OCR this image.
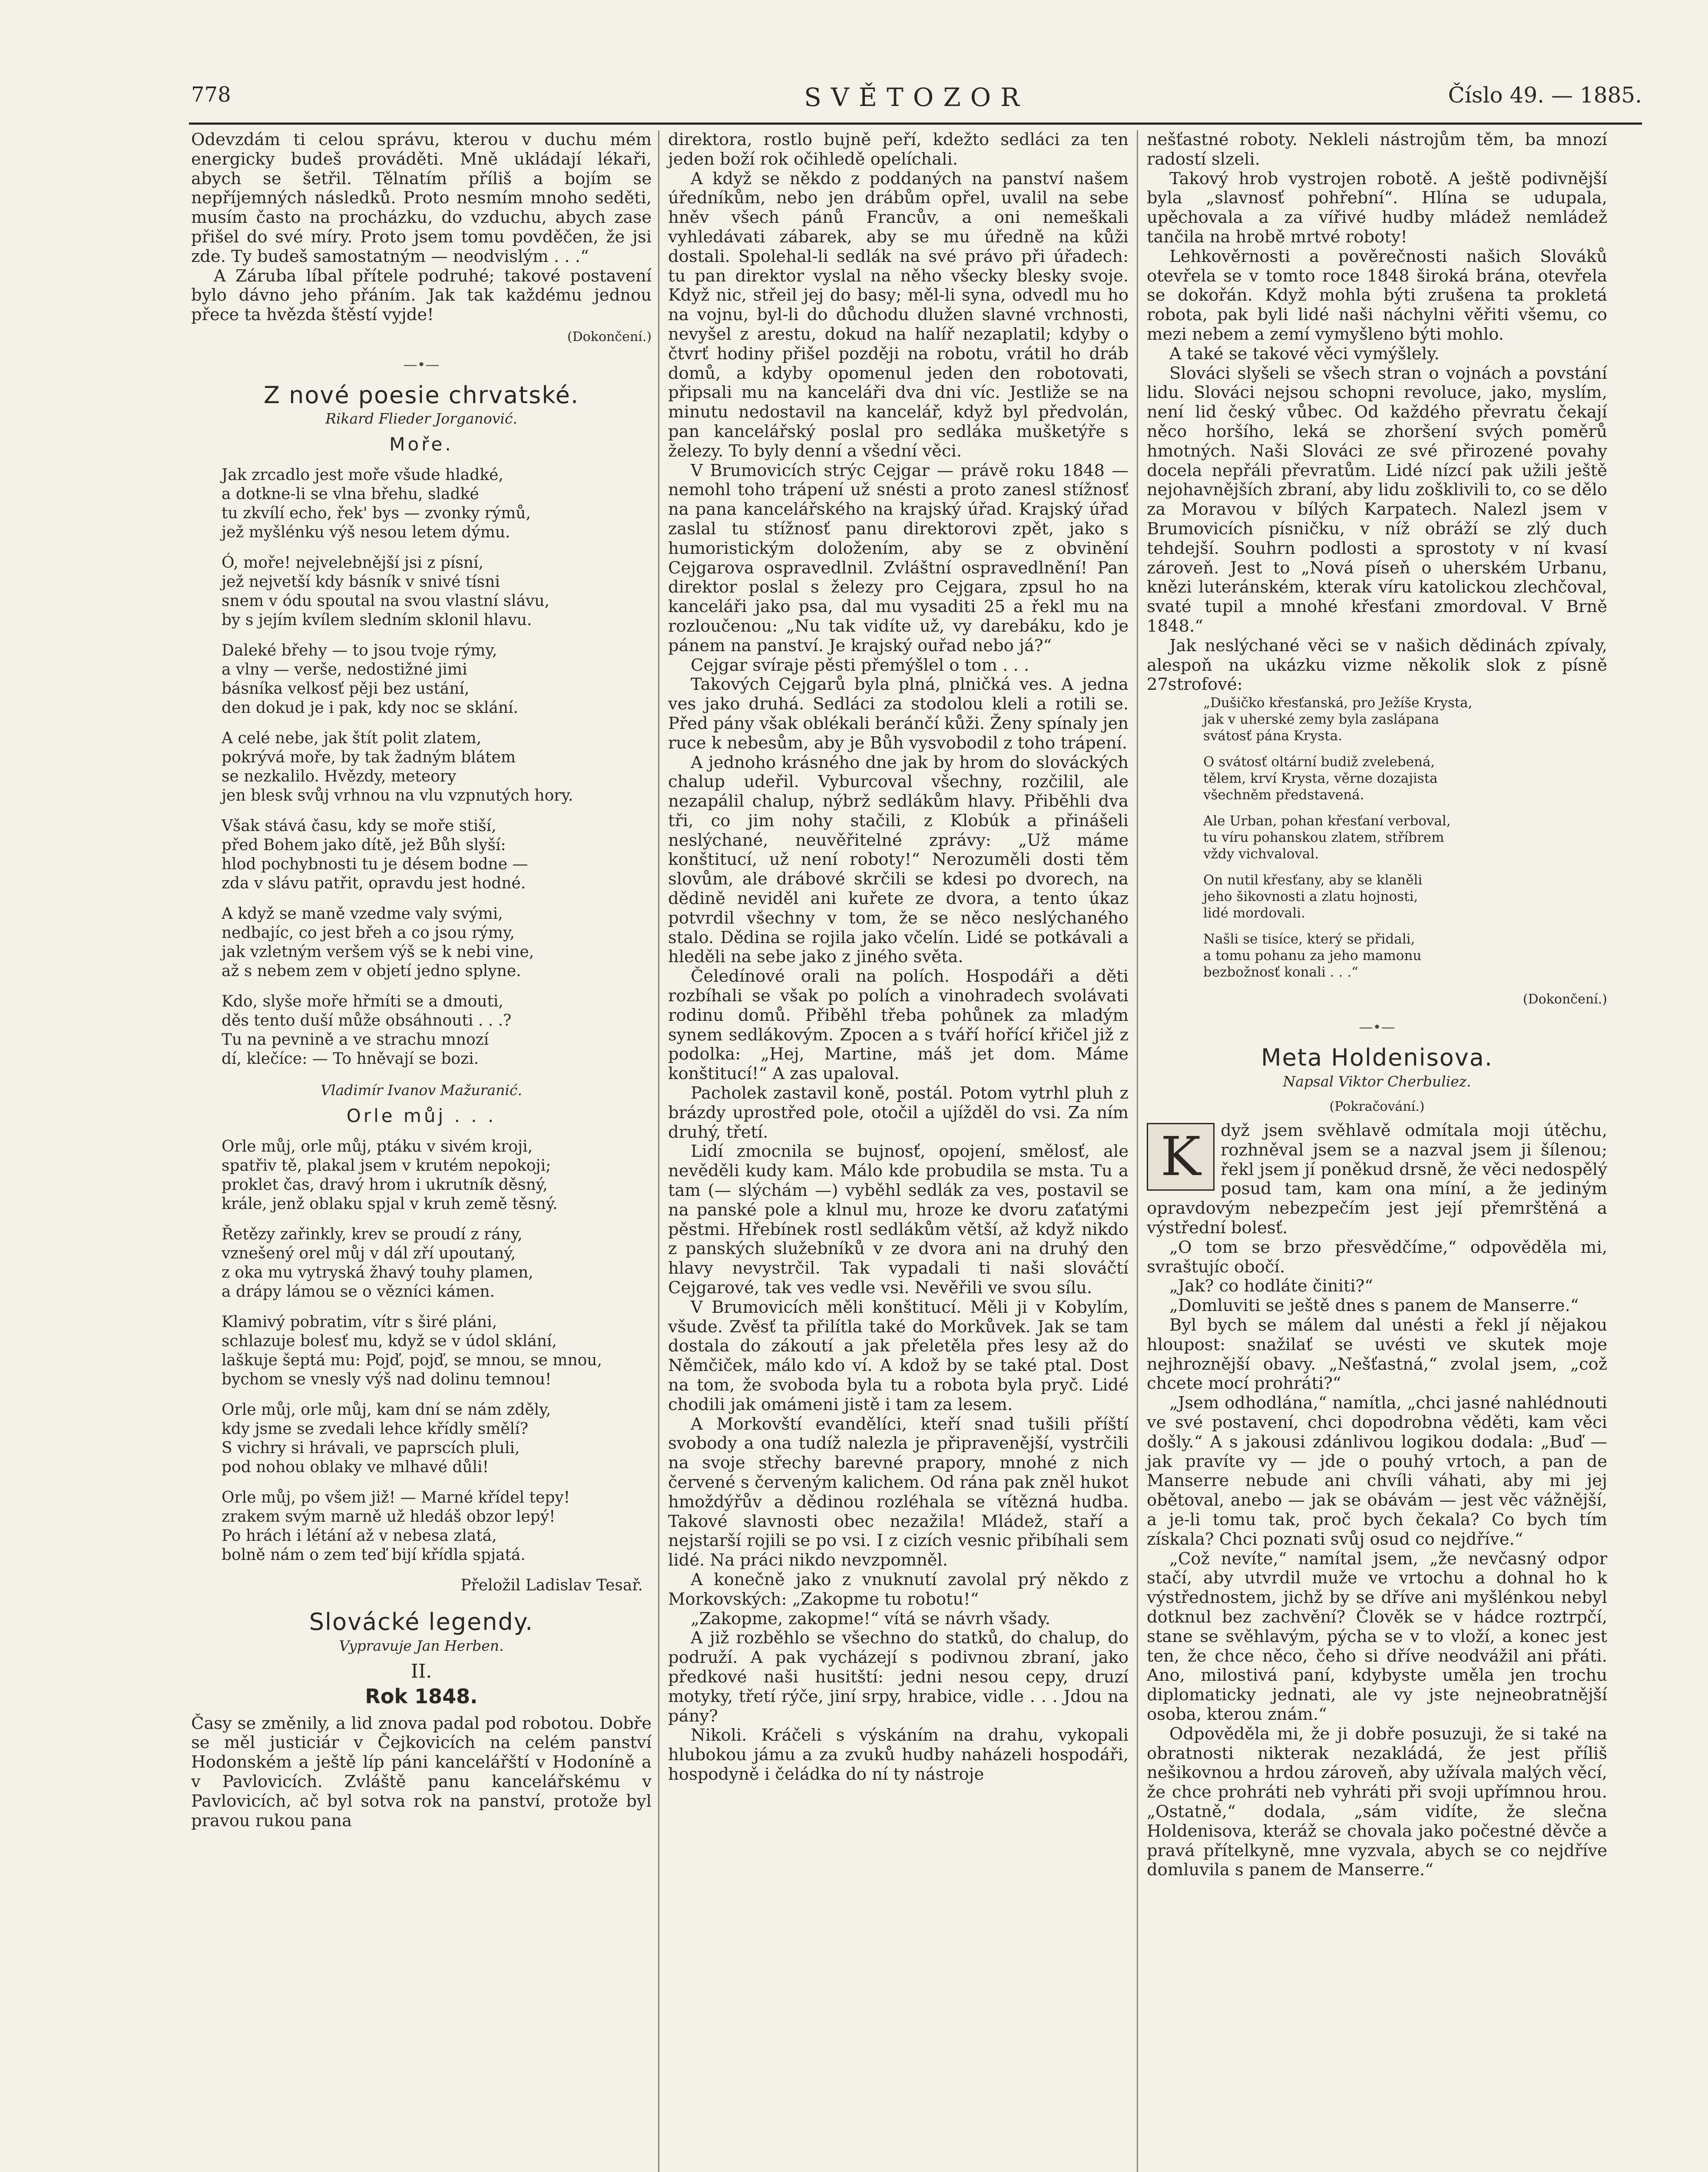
778	SVĚTOZOR	Číslo 49. — 1885.

Odevzdám ti celou správu, kterou v duchu mém energicky budeš prováděti. Mně ukládají lékaři, abych se šetřil. Tělnatím příliš a bojím se nepříjemných následků. Proto nesmím mnoho seděti, musím často na procházku, do vzduchu, abych zase přišel do své míry. Proto jsem tomu povděčen, že jsi zde. Ty budeš samostatným — neodvislým . . .“

A Záruba líbal přítele podruhé; takové postavení bylo dávno jeho přáním. Jak tak každému jednou přece ta hvězda štěstí vyjde!

(Dokončení.)
—•—
Z nové poesie chrvatské.
Rikard Flieder Jorganović.
Moře.
Jak zrcadlo jest moře všude hladké,
a dotkne-li se vlna břehu, sladké
tu zkvílí echo, řek' bys — zvonky rýmů,
jež myšlénku výš nesou letem dýmu.
Ó, moře! nejvelebnější jsi z písní,
jež nejvetší kdy básník v snivé tísni
snem v ódu spoutal na svou vlastní slávu,
by s jejím kvílem sledním sklonil hlavu.
Daleké břehy — to jsou tvoje rýmy,
a vlny — verše, nedostižné jimi
básníka velkosť pěji bez ustání,
den dokud je i pak, kdy noc se sklání.
A celé nebe, jak štít polit zlatem,
pokrývá moře, by tak žadným blátem
se nezkalilo. Hvězdy, meteory
jen blesk svůj vrhnou na vlu vzpnutých hory.
Však stává času, kdy se moře stiší,
před Bohem jako dítě, jež Bůh slyší:
hlod pochybnosti tu je désem bodne —
zda v slávu patřit, opravdu jest hodné.
A když se maně vzedme valy svými,
nedbajíc, co jest břeh a co jsou rýmy,
jak vzletným veršem výš se k nebi vine,
až s nebem zem v objetí jedno splyne.
Kdo, slyše moře hřmíti se a dmouti,
děs tento duší může obsáhnouti . . .?
Tu na pevnině a ve strachu mnozí
dí, klečíce: — To hněvají se bozi.
Vladimír Ivanov Mažuranić.
Orle můj . . .
Orle můj, orle můj, ptáku v sivém kroji,
spatřiv tě, plakal jsem v krutém nepokoji;
proklet čas, dravý hrom i ukrutník děsný,
krále, jenž oblaku spjal v kruh země těsný.
Řetězy zařinkly, krev se proudí z rány,
vznešený orel můj v dál zří upoutaný,
z oka mu vytryská žhavý touhy plamen,
a drápy lámou se o vězníci kámen.
Klamivý pobratim, vítr s širé pláni,
schlazuje bolesť mu, když se v údol sklání,
laškuje šeptá mu: Pojď, pojď, se mnou, se mnou,
bychom se vnesly výš nad dolinu temnou!
Orle můj, orle můj, kam dní se nám zděly,
kdy jsme se zvedali lehce křídly smělí?
S vichry si hrávali, ve paprscích pluli,
pod nohou oblaky ve mlhavé důli!
Orle můj, po všem již! — Marné křídel tepy!
zrakem svým marně už hledáš obzor lepý!
Po hrách i létání až v nebesa zlatá,
bolně nám o zem teď bijí křídla spjatá.
Přeložil Ladislav Tesař.
Slovácké legendy.
Vypravuje Jan Herben.
II.
Rok 1848.

Časy se změnily, a lid znova padal pod robotou. Dobře se měl justiciár v Čejkovicích na celém panství Hodonském a ještě líp páni kancelářští v Hodoníně a v Pavlovicích. Zvláště panu kancelářskému v Pavlovicích, ač byl sotva rok na panství, protože byl pravou rukou pana

direktora, rostlo bujně peří, kdežto sedláci za ten jeden boží rok očihledě opelíchali.

A když se někdo z poddaných na panství našem úředníkům, nebo jen drábům opřel, uvalil na sebe hněv všech pánů Francův, a oni nemeškali vyhledávati zábarek, aby se mu úředně na kůži dostali. Spolehal-li sedlák na své právo při úřadech: tu pan direktor vyslal na něho všecky blesky svoje. Když nic, střeil jej do basy; měl-li syna, odvedl mu ho na vojnu, byl-li do důchodu dlužen slavné vrchnosti, nevyšel z arestu, dokud na halíř nezaplatil; kdyby o čtvrť hodiny přišel později na robotu, vrátil ho dráb domů, a kdyby opomenul jeden den robotovati, připsali mu na kanceláři dva dni víc. Jestliže se na minutu nedostavil na kancelář, když byl předvolán, pan kancelářský poslal pro sedláka mušketýře s železy. To byly denní a všední věci.

V Brumovicích strýc Cejgar — právě roku 1848 — nemohl toho trápení už snésti a proto zanesl stížnosť na pana kancelářského na krajský úřad. Krajský úřad zaslal tu stížnosť panu direktorovi zpět, jako s humoristickým doložením, aby se z obvinění Cejgarova ospravedlnil. Zvláštní ospravedlnění! Pan direktor poslal s železy pro Cejgara, zpsul ho na kanceláři jako psa, dal mu vysaditi 25 a řekl mu na rozloučenou: „Nu tak vidíte už, vy darebáku, kdo je pánem na panství. Je krajský ouřad nebo já?“

Cejgar svíraje pěsti přemýšlel o tom . . .

Takových Cejgarů byla plná, plničká ves. A jedna ves jako druhá. Sedláci za stodolou kleli a rotili se. Před pány však oblékali beránčí kůži. Ženy spínaly jen ruce k nebesům, aby je Bůh vysvobodil z toho trápení.

A jednoho krásného dne jak by hrom do slováckých chalup udeřil. Vyburcoval všechny, rozčilil, ale nezapálil chalup, nýbrž sedlákům hlavy. Přiběhli dva tři, co jim nohy stačili, z Klobúk a přinášeli neslýchané, neuvěřitelné zprávy: „Už máme konštitucí, už není roboty!“ Nerozuměli dosti těm slovům, ale drábové skrčili se kdesi po dvorech, na dědině neviděl ani kuřete ze dvora, a tento úkaz potvrdil všechny v tom, že se něco neslýchaného stalo. Dědina se rojila jako včelín. Lidé se potkávali a hleděli na sebe jako z jiného světa.

Čeledínové orali na polích. Hospodáři a děti rozbíhali se však po polích a vinohradech svolávati rodinu domů. Přiběhl třeba pohůnek za mladým synem sedlákovým. Zpocen a s tváří hořící křičel již z podolka: „Hej, Martine, máš jet dom. Máme konštitucí!“ A zas upaloval.

Pacholek zastavil koně, postál. Potom vytrhl pluh z brázdy uprostřed pole, otočil a ujížděl do vsi. Za ním druhý, třetí.

Lidí zmocnila se bujnosť, opojení, smělosť, ale nevěděli kudy kam. Málo kde probudila se msta. Tu a tam (— slýchám —) vyběhl sedlák za ves, postavil se na panské pole a klnul mu, hroze ke dvoru zaťatými pěstmi. Hřebínek rostl sedlákům větší, až když nikdo z panských služebníků v ze dvora ani na druhý den hlavy nevystrčil. Tak vypadali ti naši slováčtí Cejgarové, tak ves vedle vsi. Nevěřili ve svou sílu.

V Brumovicích měli konštitucí. Měli ji v Kobylím, všude. Zvěsť ta přilítla také do Morkůvek. Jak se tam dostala do zákoutí a jak přeletěla přes lesy až do Němčiček, málo kdo ví. A kdož by se také ptal. Dost na tom, že svoboda byla tu a robota byla pryč. Lidé chodili jak omámeni jistě i tam za lesem.

A Morkovští evandělíci, kteří snad tušili příští svobody a ona tudíž nalezla je připravenější, vystrčili na svoje střechy barevné prapory, mnohé z nich červené s červeným kalichem. Od rána pak zněl hukot hmoždýřův a dědinou rozléhala se vítězná hudba. Takové slavnosti obec nezažila! Mládež, staří a nejstarší rojili se po vsi. I z cizích vesnic přibíhali sem lidé. Na práci nikdo nevzpomněl.

A konečně jako z vnuknutí zavolal prý někdo z Morkovských: „Zakopme tu robotu!“

„Zakopme, zakopme!“ vítá se návrh všady.

A již rozběhlo se všechno do statků, do chalup, do podruží. A pak vycházejí s podivnou zbraní, jako předkové naši husitští: jedni nesou cepy, druzí motyky, třetí rýče, jiní srpy, hrabice, vidle . . . Jdou na pány?

Nikoli. Kráčeli s výskáním na drahu, vykopali hlubokou jámu a za zvuků hudby naházeli hospodáři, hospodyně i čeládka do ní ty nástroje

nešťastné roboty. Nekleli nástrojům těm, ba mnozí radostí slzeli.

Takový hrob vystrojen robotě. A ještě podivnější byla „slavnosť pohřební“. Hlína se udupala, upěchovala a za vířivé hudby mládež nemládež tančila na hrobě mrtvé roboty!

Lehkověrnosti a pověrečnosti našich Slováků otevřela se v tomto roce 1848 široká brána, otevřela se dokořán. Když mohla býti zrušena ta prokletá robota, pak byli lidé naši náchylni věřiti všemu, co mezi nebem a zemí vymyšleno býti mohlo.

A také se takové věci vymýšlely.

Slováci slyšeli se všech stran o vojnách a povstání lidu. Slováci nejsou schopni revoluce, jako, myslím, není lid český vůbec. Od každého převratu čekají něco horšího, leká se zhoršení svých poměrů hmotných. Naši Slováci ze své přirozené povahy docela nepřáli převratům. Lidé nízcí pak užili ještě nejohavnějších zbraní, aby lidu zošklivili to, co se dělo za Moravou v bílých Karpatech. Nalezl jsem v Brumovicích písničku, v níž obráží se zlý duch tehdejší. Souhrn podlosti a sprostoty v ní kvasí zároveň. Jest to „Nová píseň o uherském Urbanu, knězi luteránském, kterak víru katolickou zlechčoval, svaté tupil a mnohé křesťani zmordoval. V Brně 1848.“

Jak neslýchané věci se v našich dědinách zpívaly, alespoň na ukázku vizme několik slok z písně 27strofové:

„Dušičko křesťanská, pro Ježíše Krysta,
jak v uherské zemy byla zaslápana
svátosť pána Krysta.
O svátosť oltární budiž zvelebená,
tělem, krví Krysta, věrne dozajista
všechněm představená.
Ale Urban, pohan křesťaní verboval,
tu víru pohanskou zlatem, stříbrem
vždy vichvaloval.
On nutil křesťany, aby se klaněli
jeho šikovnosti a zlatu hojnosti,
lidé mordovali.
Našli se tisíce, který se přidali,
a tomu pohanu za jeho mamonu
bezbožnosť konali . . .“
(Dokončení.)
—•—
Meta Holdenisova.
Napsal Viktor Cherbuliez.
(Pokračování.)
K	dyž jsem svěhlavě odmítala moji útěchu, rozhněval jsem se a nazval jsem ji šílenou; řekl jsem jí poněkud drsně, že věci nedospělý posud tam, kam ona míní, a že jediným opravdovým nebezpečím jest její přemrštěná a výstřední bolesť.

„O tom se brzo přesvědčíme,“ odpověděla mi, svraštujíc obočí.

„Jak? co hodláte činiti?“

„Domluviti se ještě dnes s panem de Manserre.“

Byl bych se málem dal unésti a řekl jí nějakou hloupost: snažilať se uvésti ve skutek moje nejhroznější obavy. „Nešťastná,“ zvolal jsem, „což chcete mocí prohráti?“

„Jsem odhodlána,“ namítla, „chci jasné nahlédnouti ve své postavení, chci dopodrobna věděti, kam věci došly.“ A s jakousi zdánlivou logikou dodala: „Buď — jak pravíte vy — jde o pouhý vrtoch, a pan de Manserre nebude ani chvíli váhati, aby mi jej obětoval, anebo — jak se obávám — jest věc vážnější, a je-li tomu tak, proč bych čekala? Co bych tím získala? Chci poznati svůj osud co nejdříve.“

„Což nevíte,“ namítal jsem, „že nevčasný odpor stačí, aby utvrdil muže ve vrtochu a dohnal ho k výstřednostem, jichž by se dříve ani myšlénkou nebyl dotknul bez zachvění? Člověk se v hádce roztrpčí, stane se svěhlavým, pýcha se v to vloží, a konec jest ten, že chce něco, čeho si dříve neodvážil ani přáti. Ano, milostivá paní, kdybyste uměla jen trochu diplomaticky jednati, ale vy jste nejneobratnější osoba, kterou znám.“

Odpověděla mi, že ji dobře posuzuji, že si také na obratnosti nikterak nezakládá, že jest příliš nešikovnou a hrdou zároveň, aby užívala malých věcí, že chce prohráti neb vyhráti při svoji upřímnou hrou. „Ostatně,“ dodala, „sám vidíte, že slečna Holdenisova, kteráž se chovala jako počestné děvče a pravá přítelkyně, mne vyzvala, abych se co nejdříve domluvila s panem de Manserre.“
